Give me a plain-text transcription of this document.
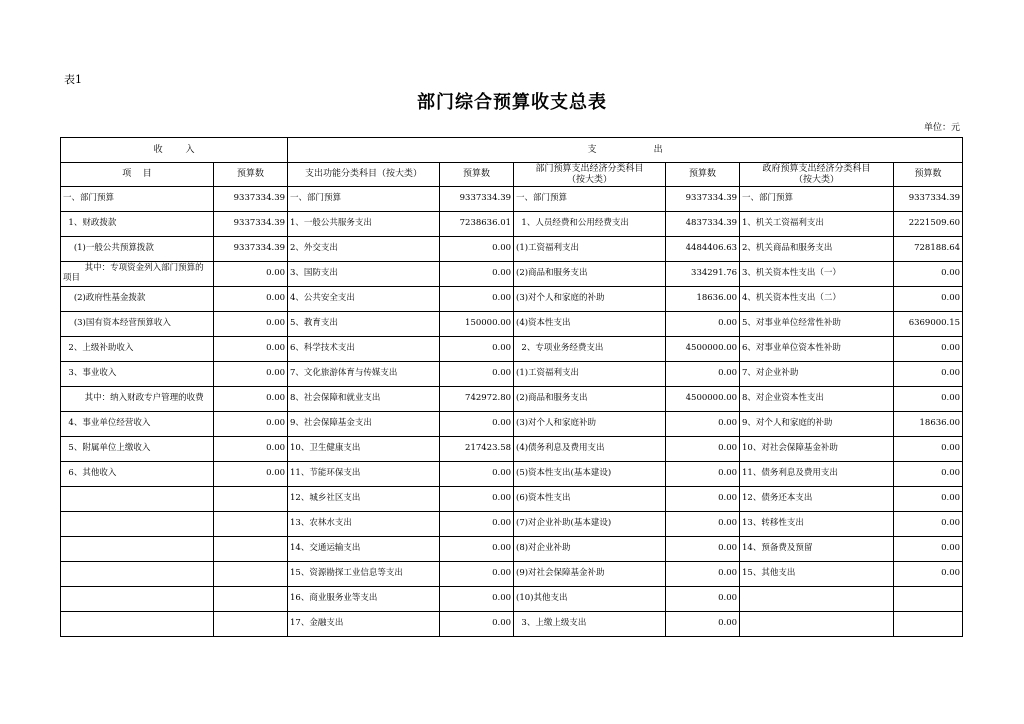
表1
部门综合预算收支总表
单位：元
收        入		支                    出					
项    目	预算数	支出功能分类科目（按大类）	预算数	部门预算支出经济分类科目
（按大类）	预算数	政府预算支出经济分类科目
（按大类）	预算数
一、部门预算	9337334.39	一、部门预算	9337334.39	一、部门预算	9337334.39	一、部门预算	9337334.39
1、财政拨款	9337334.39	1、一般公共服务支出	7238636.01	1、人员经费和公用经费支出	4837334.39	1、机关工资福利支出	2221509.60
(1)一般公共预算拨款	9337334.39	2、外交支出	0.00	(1)工资福利支出	4484406.63	2、机关商品和服务支出	728188.64
其中：专项资金列入部门预算的项目	0.00	3、国防支出	0.00	(2)商品和服务支出	334291.76	3、机关资本性支出（一）	0.00
(2)政府性基金拨款	0.00	4、公共安全支出	0.00	(3)对个人和家庭的补助	18636.00	4、机关资本性支出（二）	0.00
(3)国有资本经营预算收入	0.00	5、教育支出	150000.00	(4)资本性支出	0.00	5、对事业单位经常性补助	6369000.15
2、上级补助收入	0.00	6、科学技术支出	0.00	2、专项业务经费支出	4500000.00	6、对事业单位资本性补助	0.00
3、事业收入	0.00	7、文化旅游体育与传媒支出	0.00	(1)工资福利支出	0.00	7、对企业补助	0.00
其中：纳入财政专户管理的收费	0.00	8、社会保障和就业支出	742972.80	(2)商品和服务支出	4500000.00	8、对企业资本性支出	0.00
4、事业单位经营收入	0.00	9、社会保障基金支出	0.00	(3)对个人和家庭补助	0.00	9、对个人和家庭的补助	18636.00
5、附属单位上缴收入	0.00	10、卫生健康支出	217423.58	(4)债务利息及费用支出	0.00	10、对社会保障基金补助	0.00
6、其他收入	0.00	11、节能环保支出	0.00	(5)资本性支出(基本建设)	0.00	11、债务利息及费用支出	0.00
		12、城乡社区支出	0.00	(6)资本性支出	0.00	12、债务还本支出	0.00
		13、农林水支出	0.00	(7)对企业补助(基本建设)	0.00	13、转移性支出	0.00
		14、交通运输支出	0.00	(8)对企业补助	0.00	14、预备费及预留	0.00
		15、资源勘探工业信息等支出	0.00	(9)对社会保障基金补助	0.00	15、其他支出	0.00
		16、商业服务业等支出	0.00	(10)其他支出	0.00		
		17、金融支出	0.00	3、上缴上级支出	0.00		
